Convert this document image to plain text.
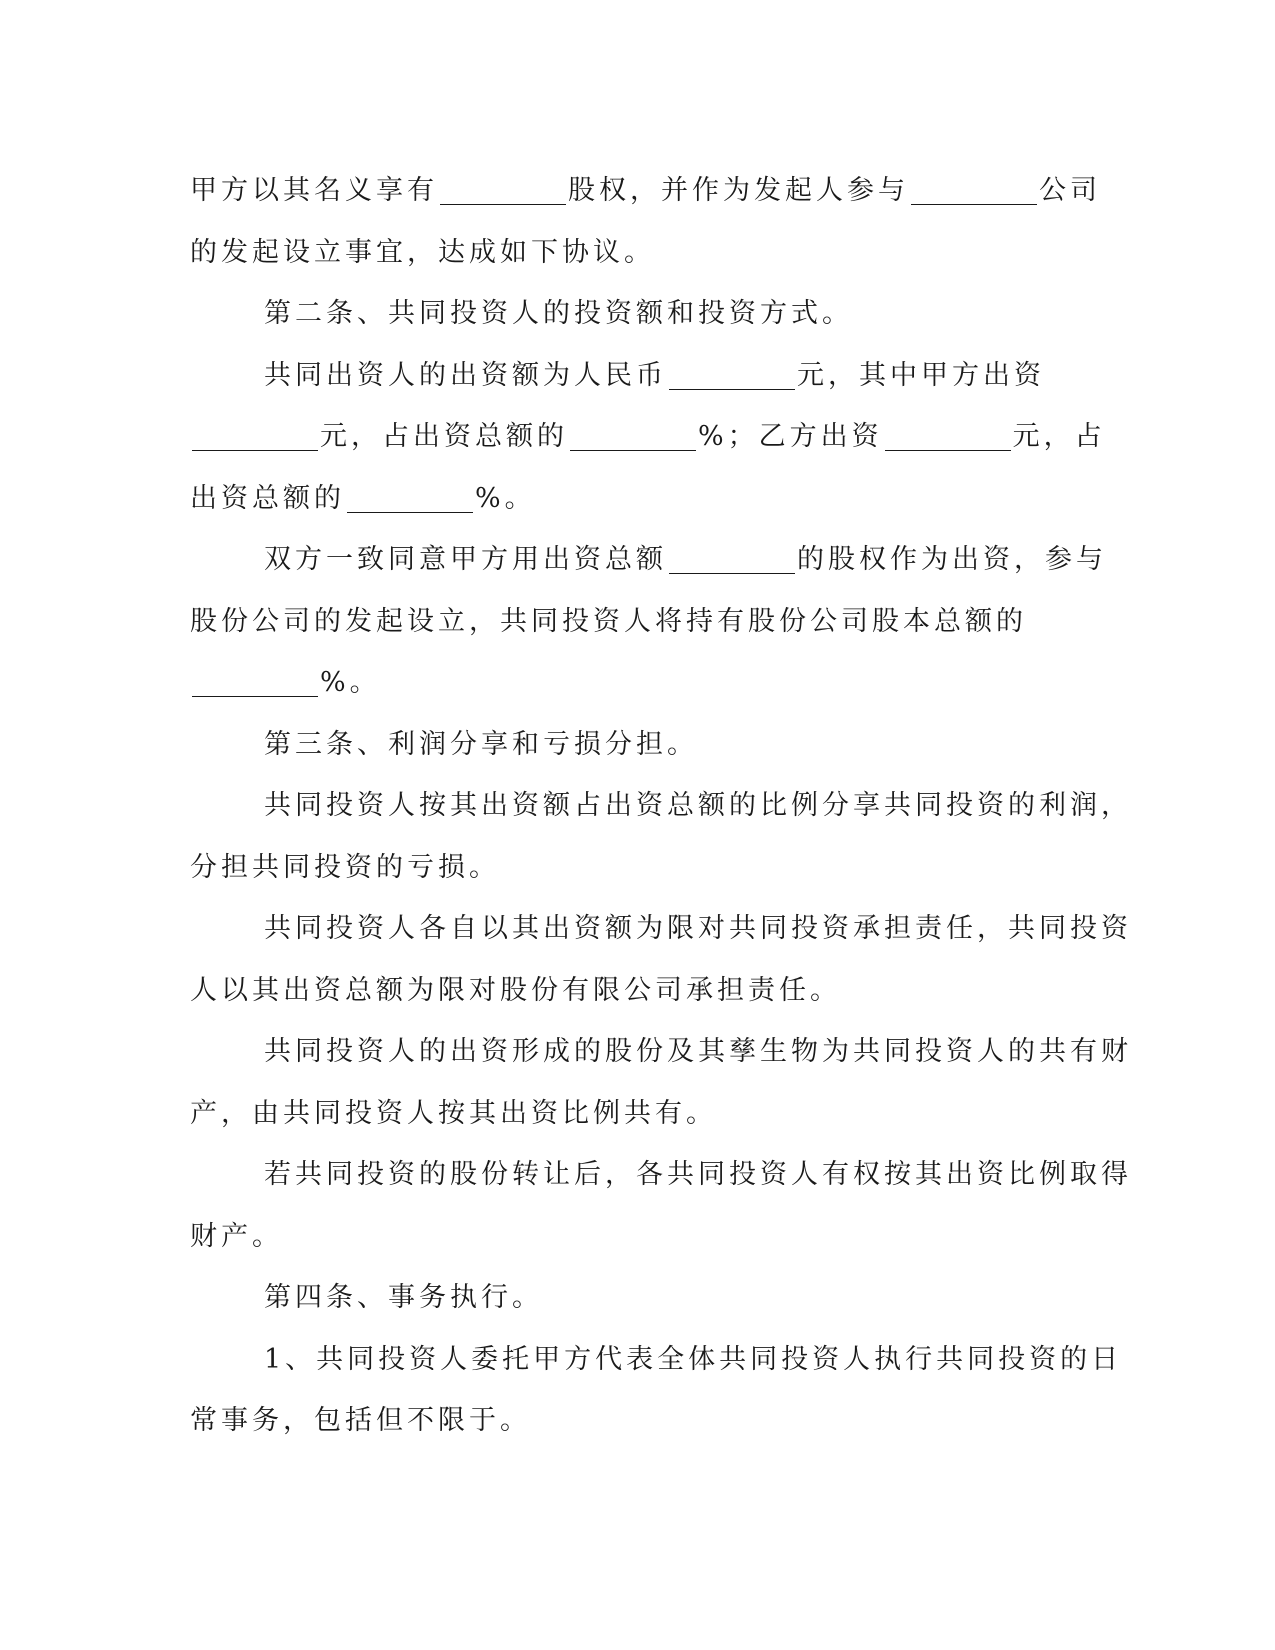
甲方以其名义享有	股权，并作为发起人参与	公司
的发起设立事宜，达成如下协议。
第二条、共同投资人的投资额和投资方式。
共同出资人的出资额为人民币	元，其中甲方出资
元，占出资总额的	%；乙方出资	元，占
出资总额的	%。
双方一致同意甲方用出资总额	的股权作为出资，参与
股份公司的发起设立，共同投资人将持有股份公司股本总额的
%。
第三条、利润分享和亏损分担。
共同投资人按其出资额占出资总额的比例分享共同投资的利润，
分担共同投资的亏损。
共同投资人各自以其出资额为限对共同投资承担责任，共同投资
人以其出资总额为限对股份有限公司承担责任。
共同投资人的出资形成的股份及其孳生物为共同投资人的共有财
产，由共同投资人按其出资比例共有。
若共同投资的股份转让后，各共同投资人有权按其出资比例取得
财产。
第四条、事务执行。
1、共同投资人委托甲方代表全体共同投资人执行共同投资的日
常事务，包括但不限于。
